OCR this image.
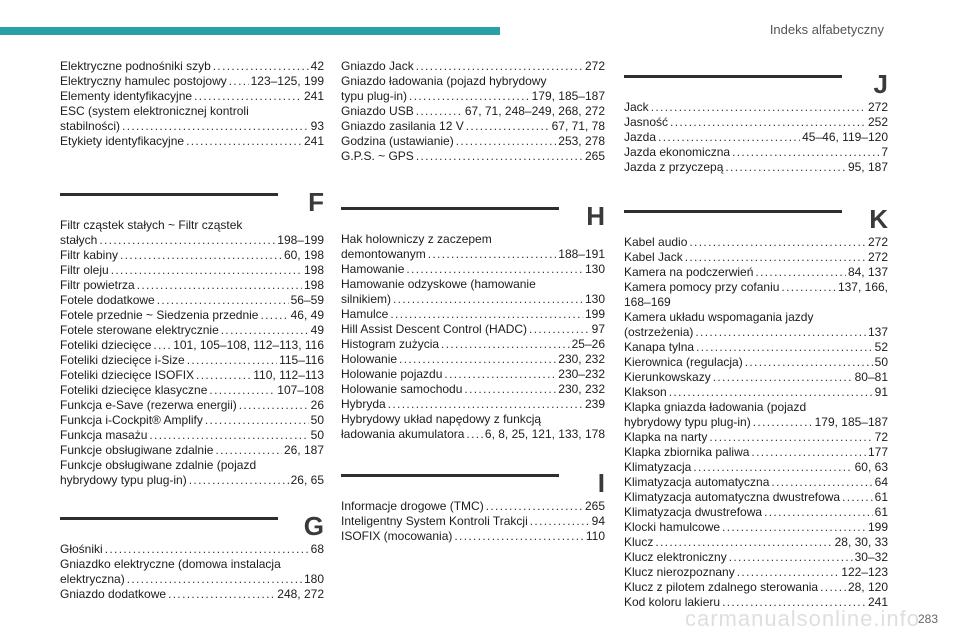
Indeks alfabetyczny
Elektryczne podnośniki szyb . . .	42
Elektryczny hamulec postojowy . . . 123–125, 199
Elementy identyfikacyjne . . .	241
ESC (system elektronicznej kontroli
stabilności) . . .	93
Etykiety identyfikacyjne . . .	241
F
Filtr cząstek stałych ~ Filtr cząstek
stałych . . .	198–199
Filtr kabiny . . .	60, 198
Filtr oleju . . .	198
Filtr powietrza . . .	198
Fotele dodatkowe . . .	56–59
Fotele przednie ~ Siedzenia przednie . . .	46, 49
Fotele sterowane elektrycznie . . .	49
Foteliki dziecięce . . . 101, 105–108, 112–113, 116
Foteliki dziecięce i-Size . . .	115–116
Foteliki dziecięce ISOFIX . . .	110, 112–113
Foteliki dziecięce klasyczne . . .	107–108
Funkcja e-Save (rezerwa energii) . . .	26
Funkcja i-Cockpit® Amplify . . .	50
Funkcja masażu . . .	50
Funkcje obsługiwane zdalnie . . .	26, 187
Funkcje obsługiwane zdalnie (pojazd
hybrydowy typu plug-in) . . .	26, 65
G
Głośniki . . .	68
Gniazdko elektryczne (domowa instalacja
elektryczna) . . .	180
Gniazdo dodatkowe . . .	248, 272
Gniazdo Jack . . .	272
Gniazdo ładowania (pojazd hybrydowy
typu plug-in) . . .	179, 185–187
Gniazdo USB . . .	67, 71, 248–249, 268, 272
Gniazdo zasilania 12 V . . .	67, 71, 78
Godzina (ustawianie) . . .	253, 278
G.P.S. ~ GPS . . .	265
H
Hak holowniczy z zaczepem
demontowanym . . .	188–191
Hamowanie . . .	130
Hamowanie odzyskowe (hamowanie
silnikiem) . . .	130
Hamulce . . .	199
Hill Assist Descent Control (HADC) . . .	97
Histogram zużycia . . .	25–26
Holowanie . . .	230, 232
Holowanie pojazdu . . .	230–232
Holowanie samochodu . . .	230, 232
Hybryda . . .	239
Hybrydowy układ napędowy z funkcją
ładowania akumulatora . . . 6, 8, 25, 121, 133, 178
I
Informacje drogowe (TMC) . . .	265
Inteligentny System Kontroli Trakcji . . .	94
ISOFIX (mocowania) . . .	110
J
Jack . . .	272
Jasność . . .	252
Jazda . . .	45–46, 119–120
Jazda ekonomiczna . . .	7
Jazda z przyczepą . . .	95, 187
K
Kabel audio . . .	272
Kabel Jack . . .	272
Kamera na podczerwień . . .	84, 137
Kamera pomocy przy cofaniu . . .	137, 166,
168–169
Kamera układu wspomagania jazdy
(ostrzeżenia) . . .	137
Kanapa tylna . . .	52
Kierownica (regulacja) . . .	50
Kierunkowskazy . . .	80–81
Klakson . . .	91
Klapka gniazda ładowania (pojazd
hybrydowy typu plug-in) . . .	179, 185–187
Klapka na narty . . .	72
Klapka zbiornika paliwa . . .	177
Klimatyzacja . . .	60, 63
Klimatyzacja automatyczna . . .	64
Klimatyzacja automatyczna dwustrefowa . . .	61
Klimatyzacja dwustrefowa . . .	61
Klocki hamulcowe . . .	199
Klucz . . .	28, 30, 33
Klucz elektroniczny . . .	30–32
Klucz nierozpoznany . . .	122–123
Klucz z pilotem zdalnego sterowania . . . 28, 120
Kod koloru lakieru . . .	241
carmanualsonline.info
283
